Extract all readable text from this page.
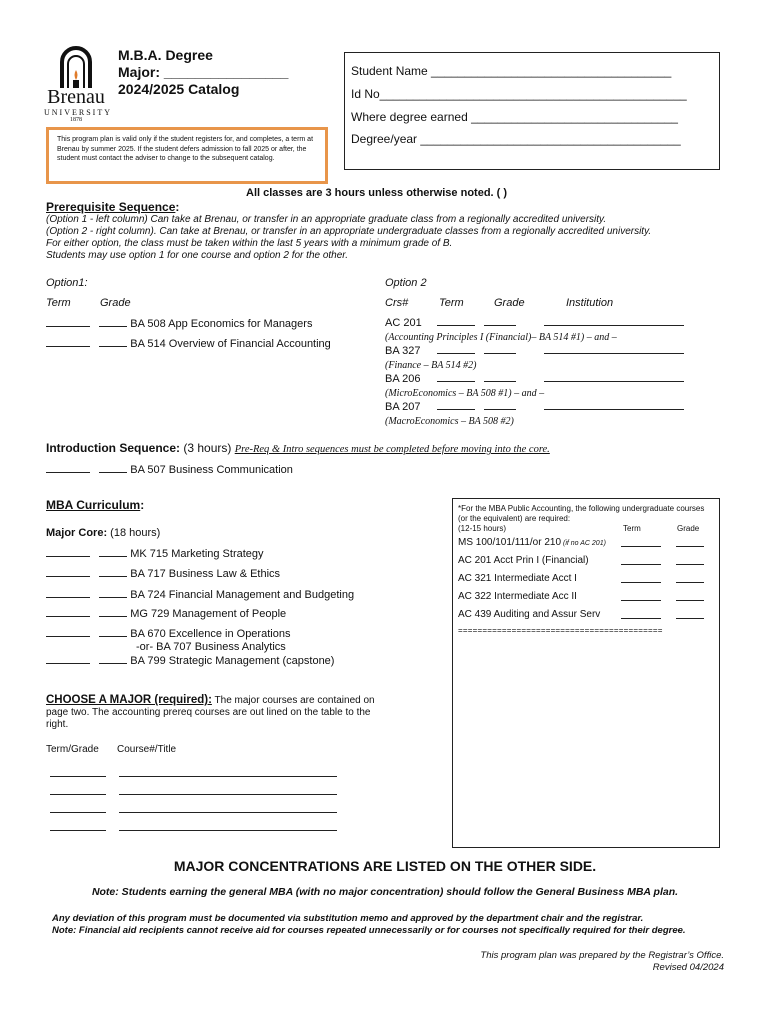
Brenau
UNIVERSITY
1878
M.B.A. Degree
Major: ________________
2024/2025 Catalog
This program plan is valid only if the student registers for, and completes, a term at Brenau by summer 2025. If the student defers admission to fall 2025 or after, the student must contact the adviser to change to the subsequent catalog.
Student Name ____________________________________
Id No______________________________________________
Where degree earned _______________________________
Degree/year _______________________________________
All classes are 3 hours unless otherwise noted. ( )
Prerequisite Sequence:
(Option 1 - left column) Can take at Brenau, or transfer in an appropriate graduate class from a regionally accredited university.
(Option 2 - right column). Can take at Brenau, or transfer in an appropriate undergraduate classes from a regionally accredited university.
For either option, the class must be taken within the last 5 years with a minimum grade of B.
Students may use option 1 for one course and option 2 for the other.
Option1:	Option 2
Term	Grade	Crs#	Term	Grade	Institution
BA 508 App Economics for Managers
BA 514 Overview of Financial Accounting
AC 201
(Accounting Principles I (Financial)– BA 514 #1) – and –
BA 327
(Finance – BA 514 #2)
BA 206
(MicroEconomics – BA 508 #1) – and –
BA 207
(MacroEconomics – BA 508 #2)
Introduction Sequence: (3 hours) Pre-Req & Intro sequences must be completed before moving into the core.
BA 507 Business Communication
MBA Curriculum:
Major Core: (18 hours)
MK 715 Marketing Strategy
BA 717 Business Law & Ethics
BA 724 Financial Management and Budgeting
MG 729 Management of People
BA 670 Excellence in Operations
-or- BA 707 Business Analytics
BA 799 Strategic Management (capstone)
*For the MBA Public Accounting, the following undergraduate courses (or the equivalent) are required:
(12-15 hours)	Term	Grade
MS 100/101/111/or 210 (if no AC 201)
AC 201 Acct Prin I (Financial)
AC 321 Intermediate Acct I
AC 322 Intermediate Acc II
AC 439 Auditing and Assur Serv
==========================================
CHOOSE A MAJOR (required): The major courses are contained on page two. The accounting prereq courses are out lined on the table to the right.
Term/Grade Course#/Title

MAJOR CONCENTRATIONS ARE LISTED ON THE OTHER SIDE.
Note: Students earning the general MBA (with no major concentration) should follow the General Business MBA plan.
Any deviation of this program must be documented via substitution memo and approved by the department chair and the registrar.
Note: Financial aid recipients cannot receive aid for courses repeated unnecessarily or for courses not specifically required for their degree.
This program plan was prepared by the Registrar’s Office.
Revised 04/2024
